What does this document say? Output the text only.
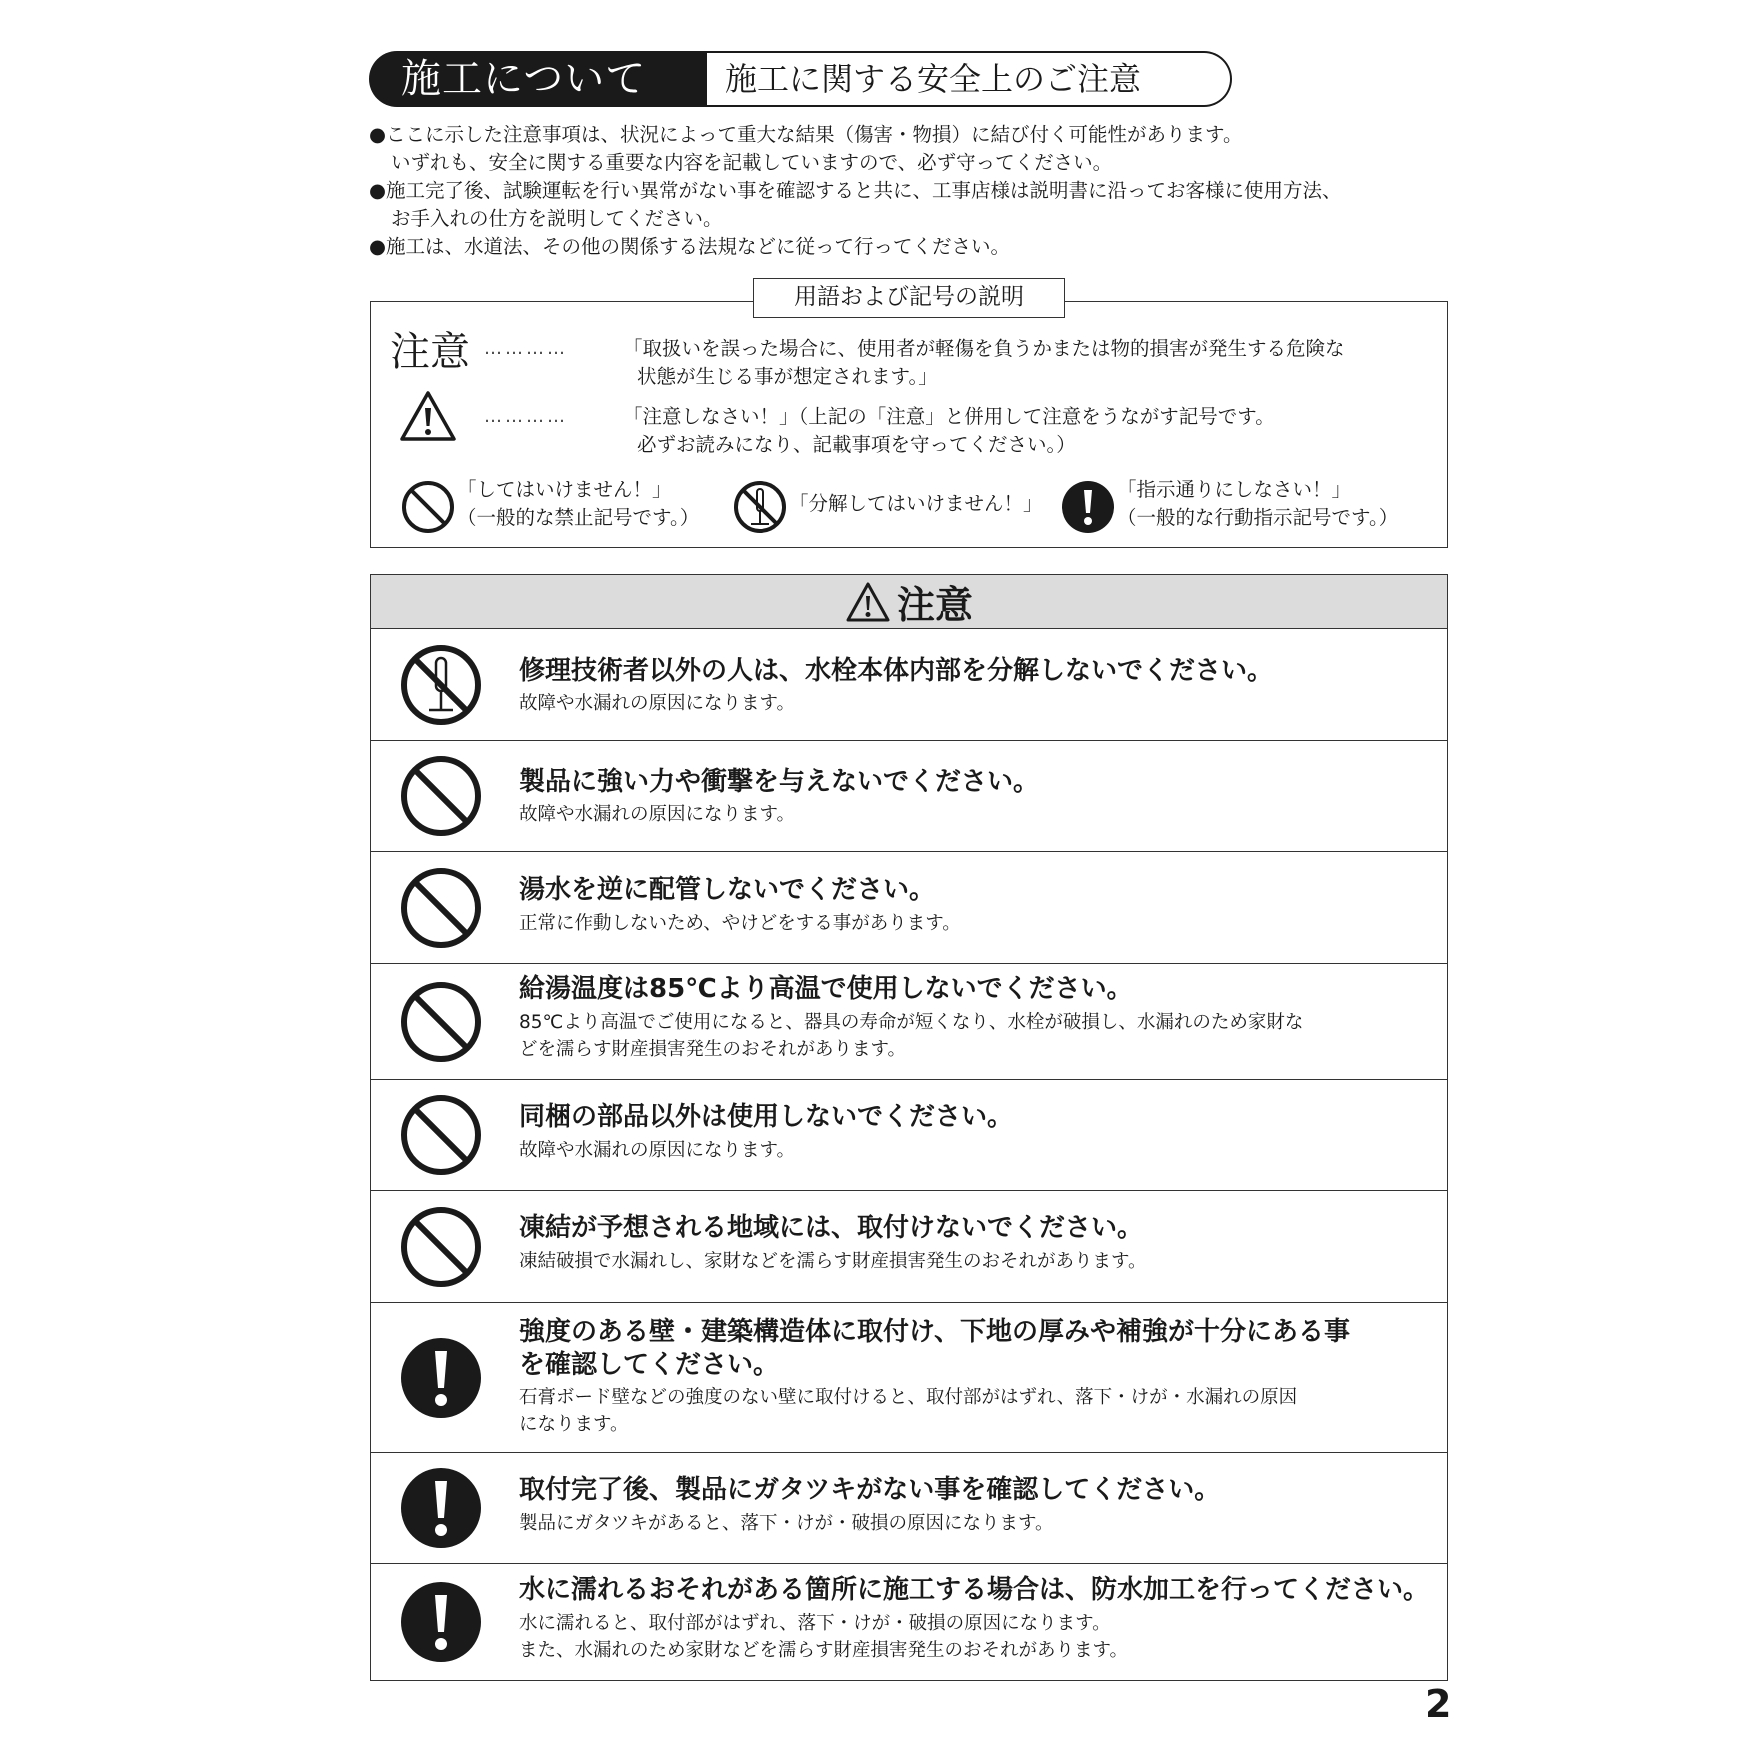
施工について	施工に関する安全上のご注意

●ここに示した注意事項は、状況によって重大な結果（傷害・物損）に結び付く可能性があります。

いずれも、安全に関する重要な内容を記載していますので、必ず守ってください。

●施工完了後、試験運転を行い異常がない事を確認すると共に、工事店様は説明書に沿ってお客様に使用方法、

お手入れの仕方を説明してください。

●施工は、水道法、その他の関係する法規などに従って行ってください。

用語および記号の説明
注意 …………	「取扱いを誤った場合に、使用者が軽傷を負うかまたは物的損害が発生する危険な
状態が生じる事が想定されます。」
…………	「注意しなさい！」（上記の「注意」と併用して注意をうながす記号です。
必ずお読みになり、記載事項を守ってください。）
「してはいけません！」
（一般的な禁止記号です。）
「分解してはいけません！」
「指示通りにしなさい！」
（一般的な行動指示記号です。）
注意
修理技術者以外の人は、水栓本体内部を分解しないでください。
故障や水漏れの原因になります。
製品に強い力や衝撃を与えないでください。
故障や水漏れの原因になります。
湯水を逆に配管しないでください。
正常に作動しないため、やけどをする事があります。
給湯温度は85℃より高温で使用しないでください。
85℃より高温でご使用になると、器具の寿命が短くなり、水栓が破損し、水漏れのため家財な
どを濡らす財産損害発生のおそれがあります。
同梱の部品以外は使用しないでください。
故障や水漏れの原因になります。
凍結が予想される地域には、取付けないでください。
凍結破損で水漏れし、家財などを濡らす財産損害発生のおそれがあります。
強度のある壁・建築構造体に取付け、下地の厚みや補強が十分にある事
を確認してください。
石膏ボード壁などの強度のない壁に取付けると、取付部がはずれ、落下・けが・水漏れの原因
になります。
取付完了後、製品にガタツキがない事を確認してください。
製品にガタツキがあると、落下・けが・破損の原因になります。
水に濡れるおそれがある箇所に施工する場合は、防水加工を行ってください。
水に濡れると、取付部がはずれ、落下・けが・破損の原因になります。
また、水漏れのため家財などを濡らす財産損害発生のおそれがあります。
2
